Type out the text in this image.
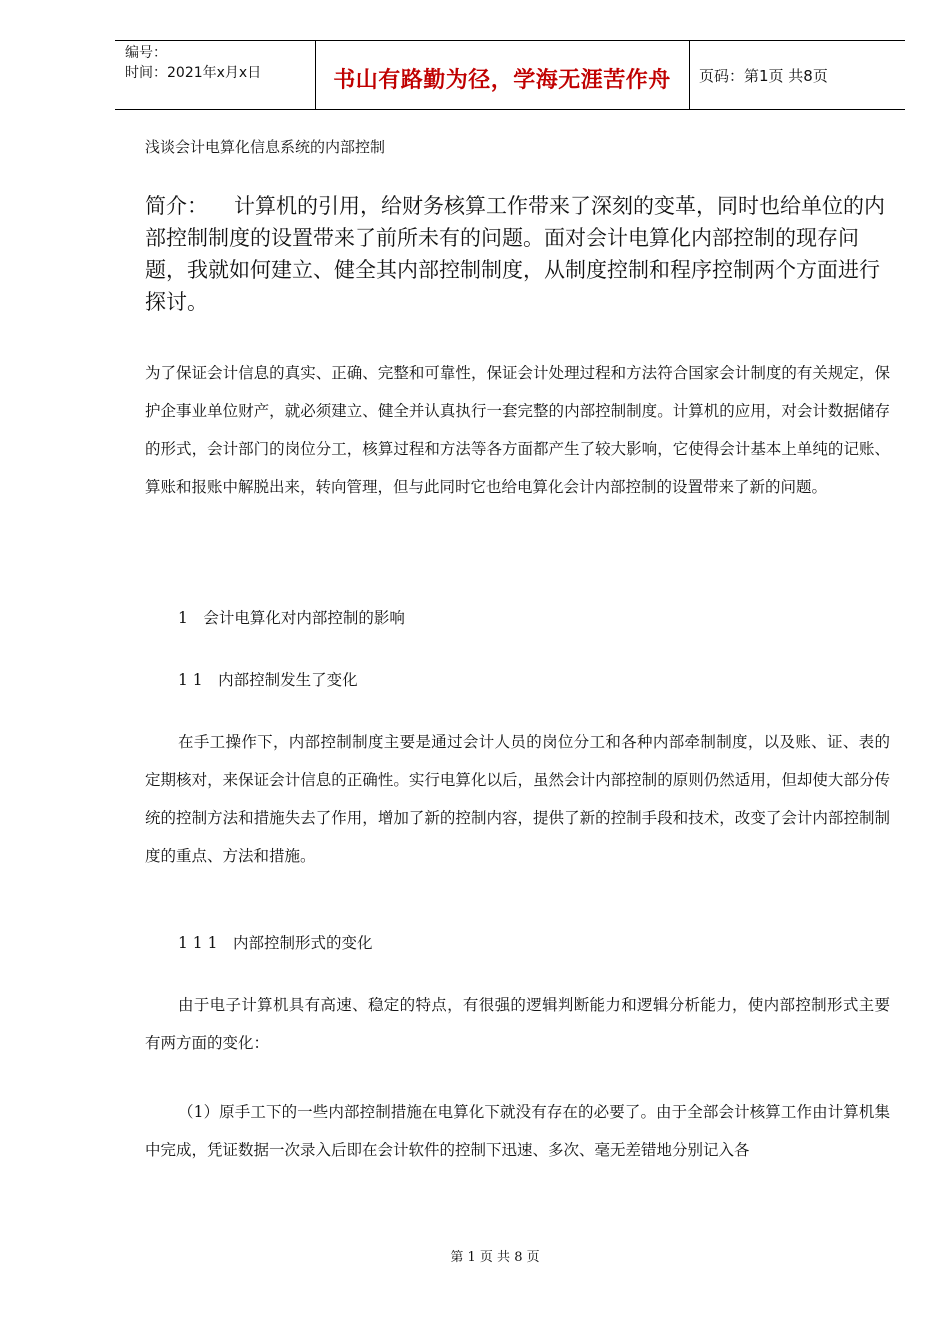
编号：
时间：2021年x月x日	书山有路勤为径，学海无涯苦作舟	页码：第1页 共8页
浅谈会计电算化信息系统的内部控制
简介： 计算机的引用，给财务核算工作带来了深刻的变革，同时也给单位的内部控制制度的设置带来了前所未有的问题。面对会计电算化内部控制的现存问题，我就如何建立、健全其内部控制制度，从制度控制和程序控制两个方面进行探讨。
为了保证会计信息的真实、正确、完整和可靠性，保证会计处理过程和方法符合国家会计制度的有关规定，保护企事业单位财产，就必须建立、健全并认真执行一套完整的内部控制制度。计算机的应用，对会计数据储存的形式，会计部门的岗位分工，核算过程和方法等各方面都产生了较大影响，它使得会计基本上单纯的记账、算账和报账中解脱出来，转向管理，但与此同时它也给电算化会计内部控制的设置带来了新的问题。
1　会计电算化对内部控制的影响
1 1　内部控制发生了变化
在手工操作下，内部控制制度主要是通过会计人员的岗位分工和各种内部牵制制度，以及账、证、表的定期核对，来保证会计信息的正确性。实行电算化以后，虽然会计内部控制的原则仍然适用，但却使大部分传统的控制方法和措施失去了作用，增加了新的控制内容，提供了新的控制手段和技术，改变了会计内部控制制度的重点、方法和措施。
1 1 1　内部控制形式的变化
由于电子计算机具有高速、稳定的特点，有很强的逻辑判断能力和逻辑分析能力，使内部控制形式主要有两方面的变化：
（1）原手工下的一些内部控制措施在电算化下就没有存在的必要了。由于全部会计核算工作由计算机集中完成，凭证数据一次录入后即在会计软件的控制下迅速、多次、毫无差错地分别记入各
第 1 页 共 8 页
